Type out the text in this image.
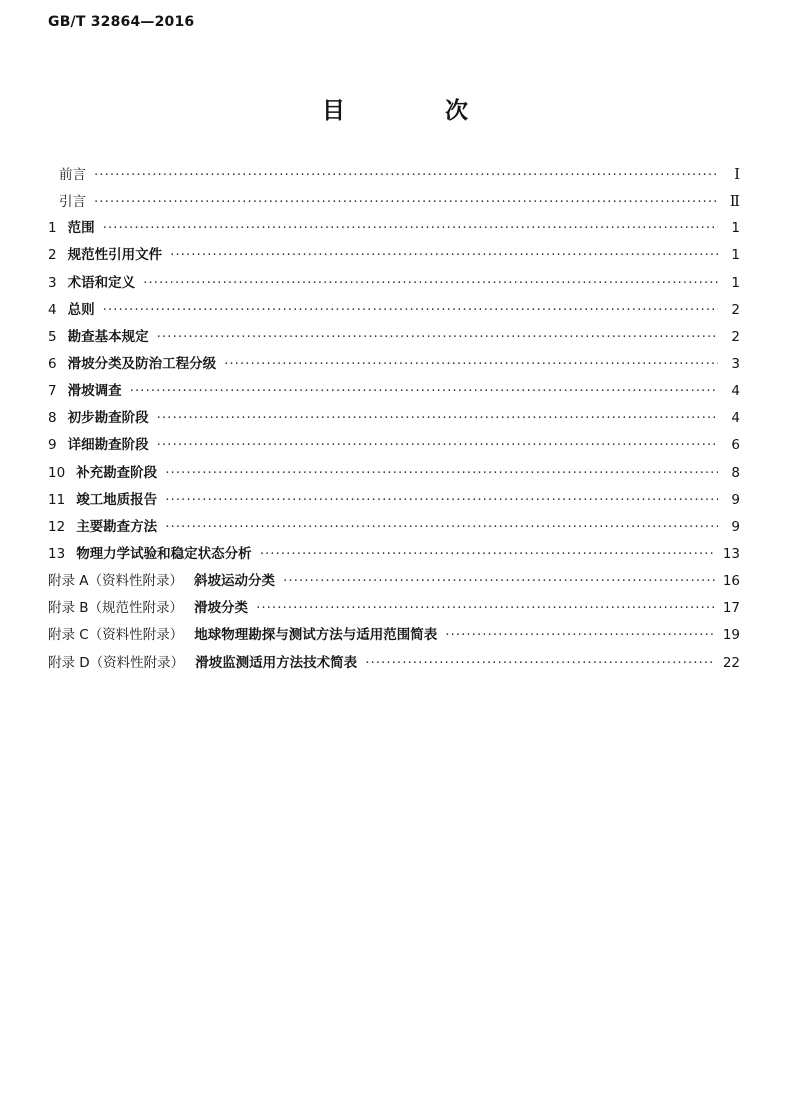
GB/T 32864—2016
目 次
前言 ·····	Ⅰ
引言 ·····	Ⅱ
1 范围 ·····	1
2 规范性引用文件 ·····	1
3 术语和定义 ·····	1
4 总则 ·····	2
5 勘查基本规定 ·····	2
6 滑坡分类及防治工程分级 ·····	3
7 滑坡调查 ·····	4
8 初步勘查阶段 ·····	4
9 详细勘查阶段 ·····	6
10 补充勘查阶段 ·····	8
11 竣工地质报告 ·····	9
12 主要勘查方法 ·····	9
13 物理力学试验和稳定状态分析 ·····	13
附录 A（资料性附录） 斜坡运动分类 ·····	16
附录 B（规范性附录） 滑坡分类 ·····	17
附录 C（资料性附录） 地球物理勘探与测试方法与适用范围简表 ·····	19
附录 D（资料性附录） 滑坡监测适用方法技术简表 ·····	22
